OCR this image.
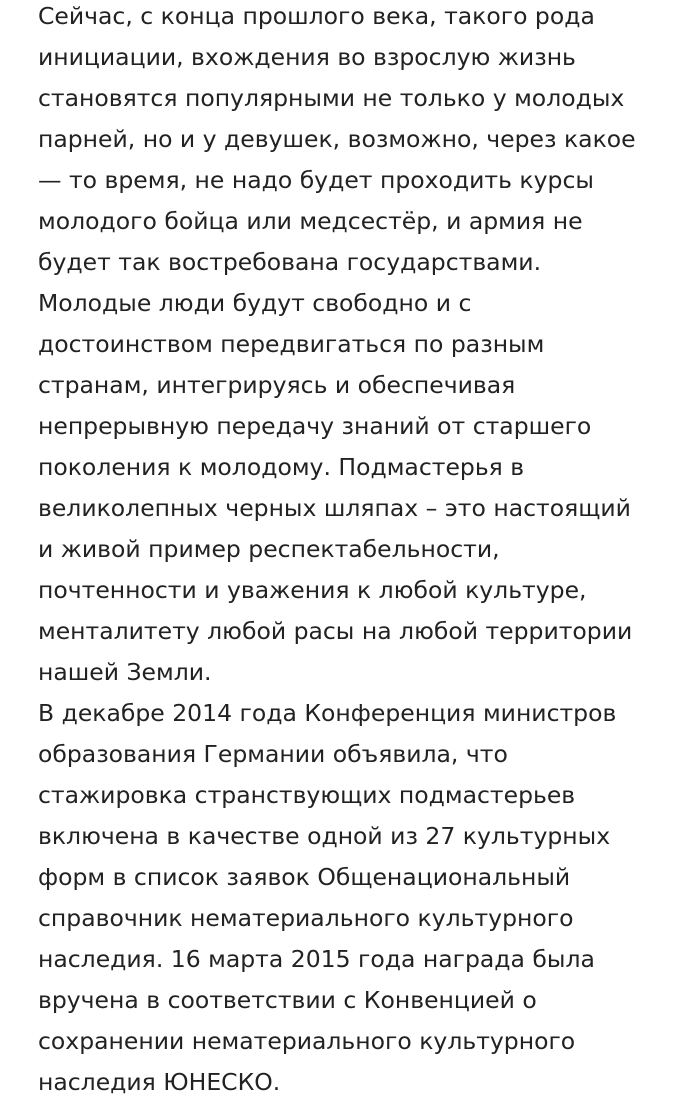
Сейчас, с конца прошлого века, такого рода
инициации, вхождения во взрослую жизнь
становятся популярными не только у молодых
парней, но и у девушек, возможно, через какое
— то время, не надо будет проходить курсы
молодого бойца или медсестёр, и армия не
будет так востребована государствами.
Молодые люди будут свободно и с
достоинством передвигаться по разным
странам, интегрируясь и обеспечивая
непрерывную передачу знаний от старшего
поколения к молодому. Подмастерья в
великолепных черных шляпах – это настоящий
и живой пример респектабельности,
почтенности и уважения к любой культуре,
менталитету любой расы на любой территории
нашей Земли.

В декабре 2014 года Конференция министров
образования Германии объявила, что
стажировка странствующих подмастерьев
включена в качестве одной из 27 культурных
форм в список заявок Общенациональный
справочник нематериального культурного
наследия. 16 марта 2015 года награда была
вручена в соответствии с Конвенцией о
сохранении нематериального культурного
наследия ЮНЕСКО.
